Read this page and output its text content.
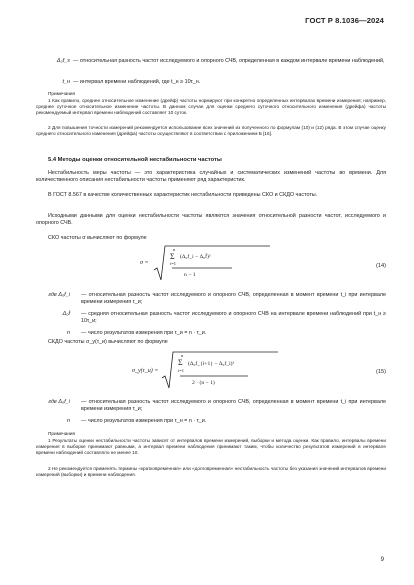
ГОСТ Р 8.1036—2024
Δ₀f_s — относительная разность частот исследуемого и опорного СЧВ, определенная в каждом интервале времени наблюдений,
t_н — интервал времени наблюдений, где t_н ≥ 10τ_н.
Примечания
1 Как правило, среднее относительное изменение (дрейф) частоты нормируют при конкретно определенных интервалах времени измерения; например, среднее суточное относительное изменение частоты. В данном случае для оценки среднего суточного относительного изменения (дрейфа) частоты рекомендуемый интервал времени наблюдений составляет 10 суток.
2 Для повышения точности измерений рекомендуется использование всех значений из полученного по формулам (10) и (12) ряда. В этом случае оценку среднего относительного изменения (дрейфа) частоты осуществляют в соответствии с приложением Б [16].
5.4 Методы оценки относительной нестабильности частоты
Нестабильность меры частоты — это характеристика случайных и систематических изменений частоты во времени. Для количественного описания нестабильности частоты применяют ряд характеристик.
В ГОСТ 8.567 в качестве количественных характеристик нестабильности приведены СКО и СКДО частоты.
Исходными данными для оценки нестабильности частоты являются значения относительной разности частот, исследуемого и опорного СЧВ.
СКО частоты σ вычисляют по формуле
σ =
n
Σ
i=1
(Δ₀f_i − Δ₀f̄)²
n − 1
(14)
где Δ₀f_i — относительная разность частот исследуемого и опорного СЧВ, определенная в момент времени t_i при интервале времени измерения τ_и;
Δ₀f̄ — средняя относительная разность частот исследуемого и опорного СЧВ на интервале времени наблюдений при t_н ≥ 10τ_и;
n — число результатов измерения при τ_и = n · τ_и.
СКДО частоты σ_y(τ_и) вычисляют по формуле
σ_y(τ_и) =
n
Σ
i=1
(Δ₀f_{i+1} − Δ₀f_i)²
2 · (n − 1)
(15)
где Δ₀f_i — относительная разность частот исследуемого и опорного СЧВ, определенная в момент времени t_i при интервале времени измерения τ_и;
n — число результатов измерения при τ_н = n · τ_и.
Примечания
1 Результаты оценки нестабильности частоты зависят от интервалов времени измерений, выборки и метода оценки. Как правило, интервалы времени измерения в выборке принимают равными, а интервал времени наблюдения принимают таким, чтобы количество результатов измерений в интервале времени наблюдений составляло не менее 10.
2 Не рекомендуется применять термины «кратковременная» или «долговременная» нестабильность частоты без указания значений интервалов времени измерений (выборки) и времени наблюдения.
9
